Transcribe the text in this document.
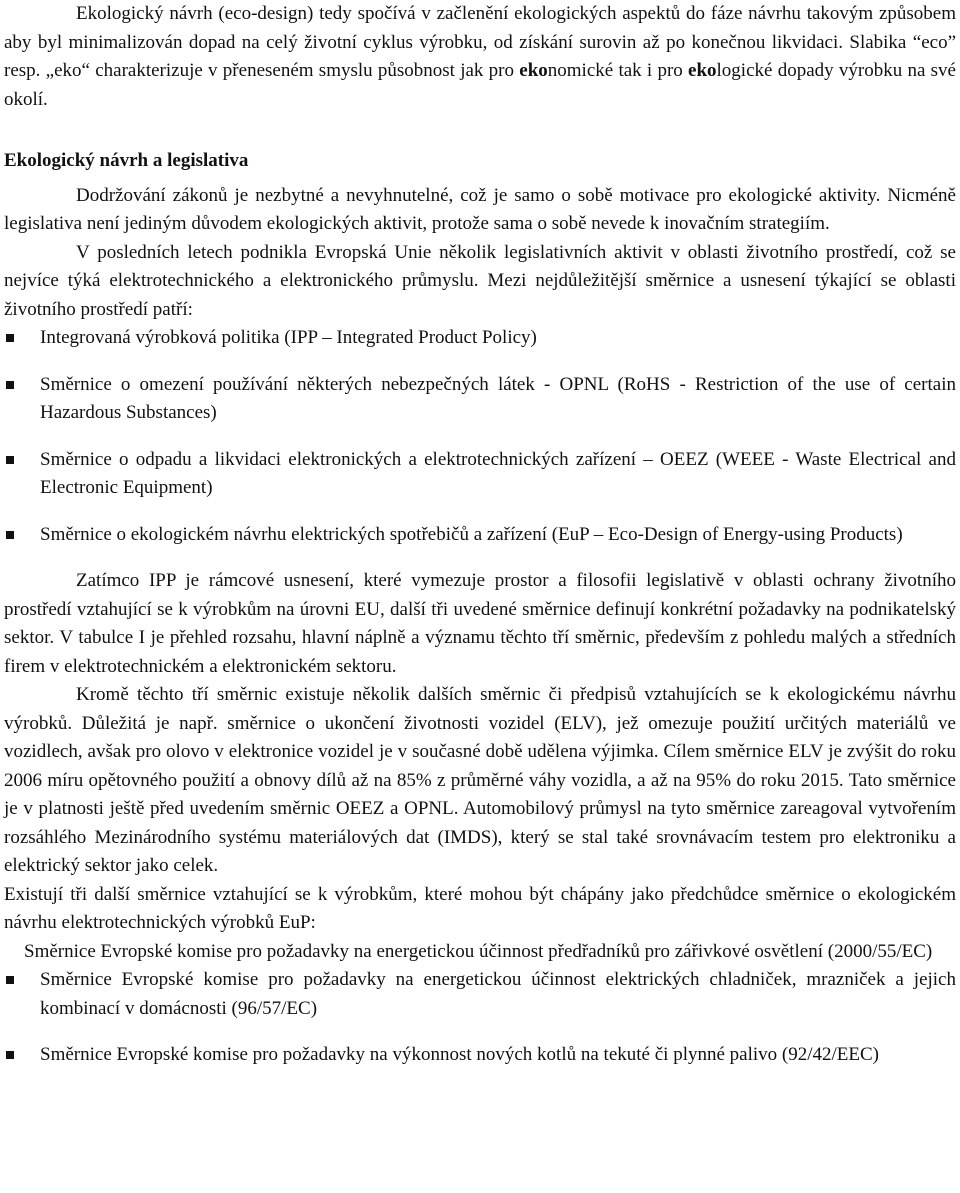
Ekologický návrh (eco-design) tedy spočívá v začlenění ekologických aspektů do fáze návrhu takovým způsobem aby byl minimalizován dopad na celý životní cyklus výrobku, od získání surovin až po konečnou likvidaci. Slabika “eco” resp. „eko“ charakterizuje v přeneseném smyslu působnost jak pro ekonomické tak i pro ekologické dopady výrobku na své okolí.

Ekologický návrh a legislativa

Dodržování zákonů je nezbytné a nevyhnutelné, což je samo o sobě motivace pro ekologické aktivity. Nicméně legislativa není jediným důvodem ekologických aktivit, protože sama o sobě nevede k inovačním strategiím.

V posledních letech podnikla Evropská Unie několik legislativních aktivit v oblasti životního prostředí, což se nejvíce týká elektrotechnického a elektronického průmyslu. Mezi nejdůležitější směrnice a usnesení týkající se oblasti životního prostředí patří:

Integrovaná výrobková politika (IPP – Integrated Product Policy)
Směrnice o omezení používání některých nebezpečných látek - OPNL (RoHS - Restriction of the use of certain Hazardous Substances)
Směrnice o odpadu a likvidaci elektronických a elektrotechnických zařízení – OEEZ (WEEE - Waste Electrical and Electronic Equipment)
Směrnice o ekologickém návrhu elektrických spotřebičů a zařízení (EuP – Eco-Design of Energy-using Products)

Zatímco IPP je rámcové usnesení, které vymezuje prostor a filosofii legislativě v oblasti ochrany životního prostředí vztahující se k výrobkům na úrovni EU, další tři uvedené směrnice definují konkrétní požadavky na podnikatelský sektor. V tabulce I je přehled rozsahu, hlavní náplně a významu těchto tří směrnic, především z pohledu malých a středních firem v elektrotechnickém a elektronickém sektoru.

Kromě těchto tří směrnic existuje několik dalších směrnic či předpisů vztahujících se k ekologickému návrhu výrobků. Důležitá je např. směrnice o ukončení životnosti vozidel (ELV), jež omezuje použití určitých materiálů ve vozidlech, avšak pro olovo v elektronice vozidel je v současné době udělena výjimka. Cílem směrnice ELV je zvýšit do roku 2006 míru opětovného použití a obnovy dílů až na 85% z průměrné váhy vozidla, a až na 95% do roku 2015. Tato směrnice je v platnosti ještě před uvedením směrnic OEEZ a OPNL. Automobilový průmysl na tyto směrnice zareagoval vytvořením rozsáhlého Mezinárodního systému materiálových dat (IMDS), který se stal také srovnávacím testem pro elektroniku a elektrický sektor jako celek.

Existují tři další směrnice vztahující se k výrobkům, které mohou být chápány jako předchůdce směrnice o ekologickém návrhu elektrotechnických výrobků EuP:

Směrnice Evropské komise pro požadavky na energetickou účinnost předřadníků pro zářivkové osvětlení (2000/55/EC)

Směrnice Evropské komise pro požadavky na energetickou účinnost elektrických chladniček, mrazniček a jejich kombinací v domácnosti (96/57/EC)
Směrnice Evropské komise pro požadavky na výkonnost nových kotlů na tekuté či plynné palivo (92/42/EEC)
